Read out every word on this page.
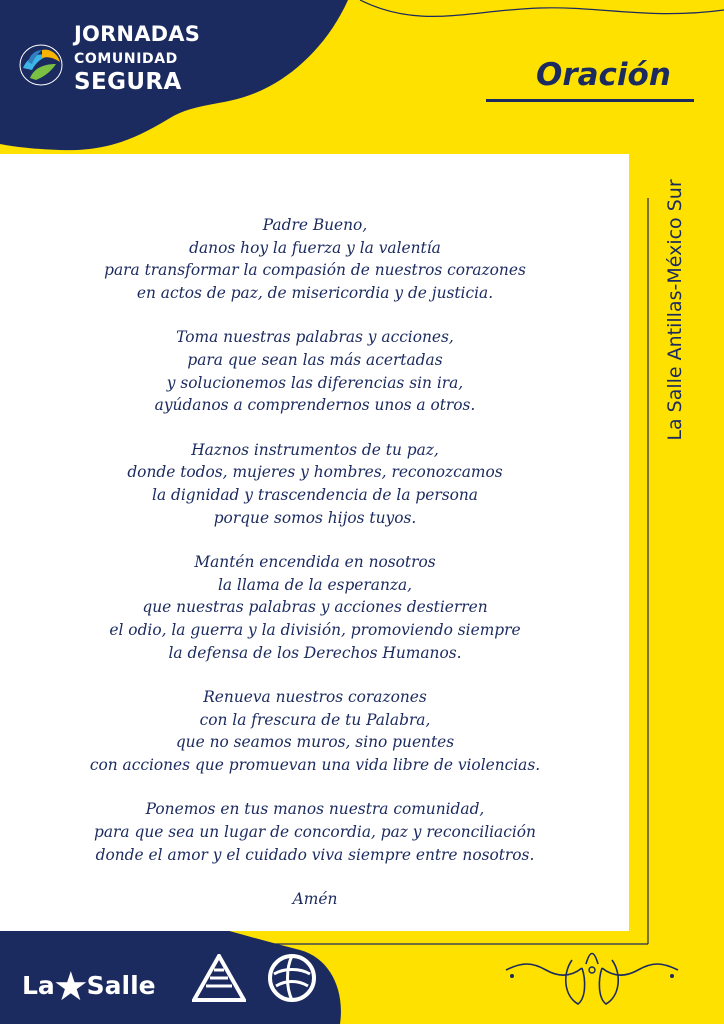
JORNADAS
COMUNIDAD
SEGURA	Oración

Padre Bueno,
danos hoy la fuerza y la valentía
para transformar la compasión de nuestros corazones
en actos de paz, de misericordia y de justicia.

Toma nuestras palabras y acciones,
para que sean las más acertadas
y solucionemos las diferencias sin ira,
ayúdanos a comprendernos unos a otros.

Haznos instrumentos de tu paz,
donde todos, mujeres y hombres, reconozcamos
la dignidad y trascendencia de la persona
porque somos hijos tuyos.

Mantén encendida en nosotros
la llama de la esperanza,
que nuestras palabras y acciones destierren
el odio, la guerra y la división, promoviendo siempre
la defensa de los Derechos Humanos.

Renueva nuestros corazones
con la frescura de tu Palabra,
que no seamos muros, sino puentes
con acciones que promuevan una vida libre de violencias.

Ponemos en tus manos nuestra comunidad,
para que sea un lugar de concordia, paz y reconciliación
donde el amor y el cuidado viva siempre entre nosotros.

Amén

La Salle Antillas-México Sur
La★Salle
